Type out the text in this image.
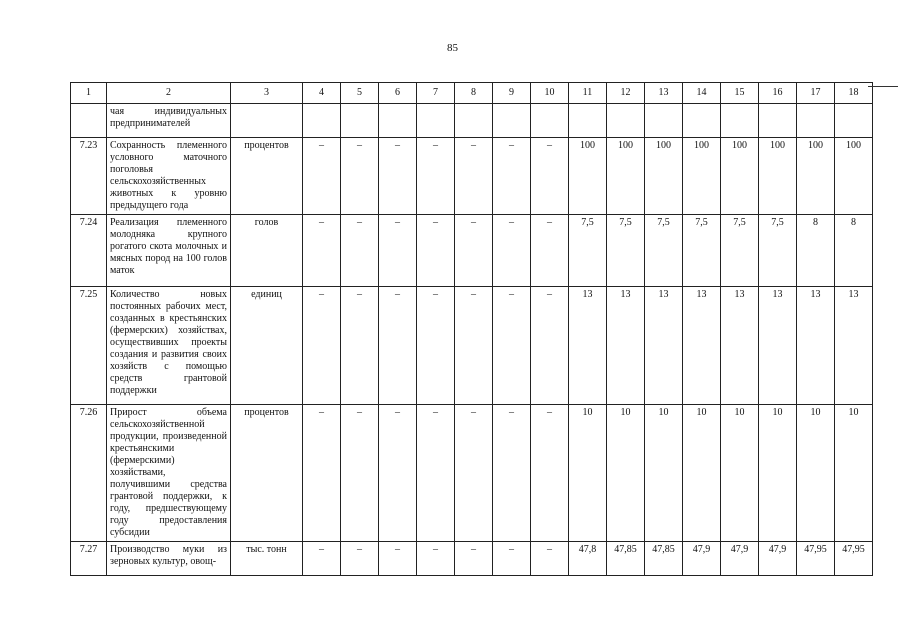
85
1	2	3	4	5	6	7	8	9	10	11	12	13	14	15	16	17	18
	чая индивидуальных предпринимателей																
7.23	Сохранность племенного условного маточного поголовья сельскохозяйственных животных к уровню предыдущего года	процентов	–	–	–	–	–	–	–	100	100	100	100	100	100	100	100
7.24	Реализация племенного молодняка крупного рогатого скота молочных и мясных пород на 100 голов маток	голов	–	–	–	–	–	–	–	7,5	7,5	7,5	7,5	7,5	7,5	8	8
7.25	Количество новых постоянных рабочих мест, созданных в крестьянских (фермерских) хозяйствах, осуществивших проекты создания и развития своих хозяйств с помощью средств грантовой поддержки	единиц	–	–	–	–	–	–	–	13	13	13	13	13	13	13	13
7.26	Прирост объема сельскохозяйственной продукции, произведенной крестьянскими (фермерскими) хозяйствами, получившими средства грантовой поддержки, к году, предшествующему году предоставления субсидии	процентов	–	–	–	–	–	–	–	10	10	10	10	10	10	10	10
7.27	Производство муки из зерновых культур, овощ-	тыс. тонн	–	–	–	–	–	–	–	47,8	47,85	47,85	47,9	47,9	47,9	47,95	47,95
